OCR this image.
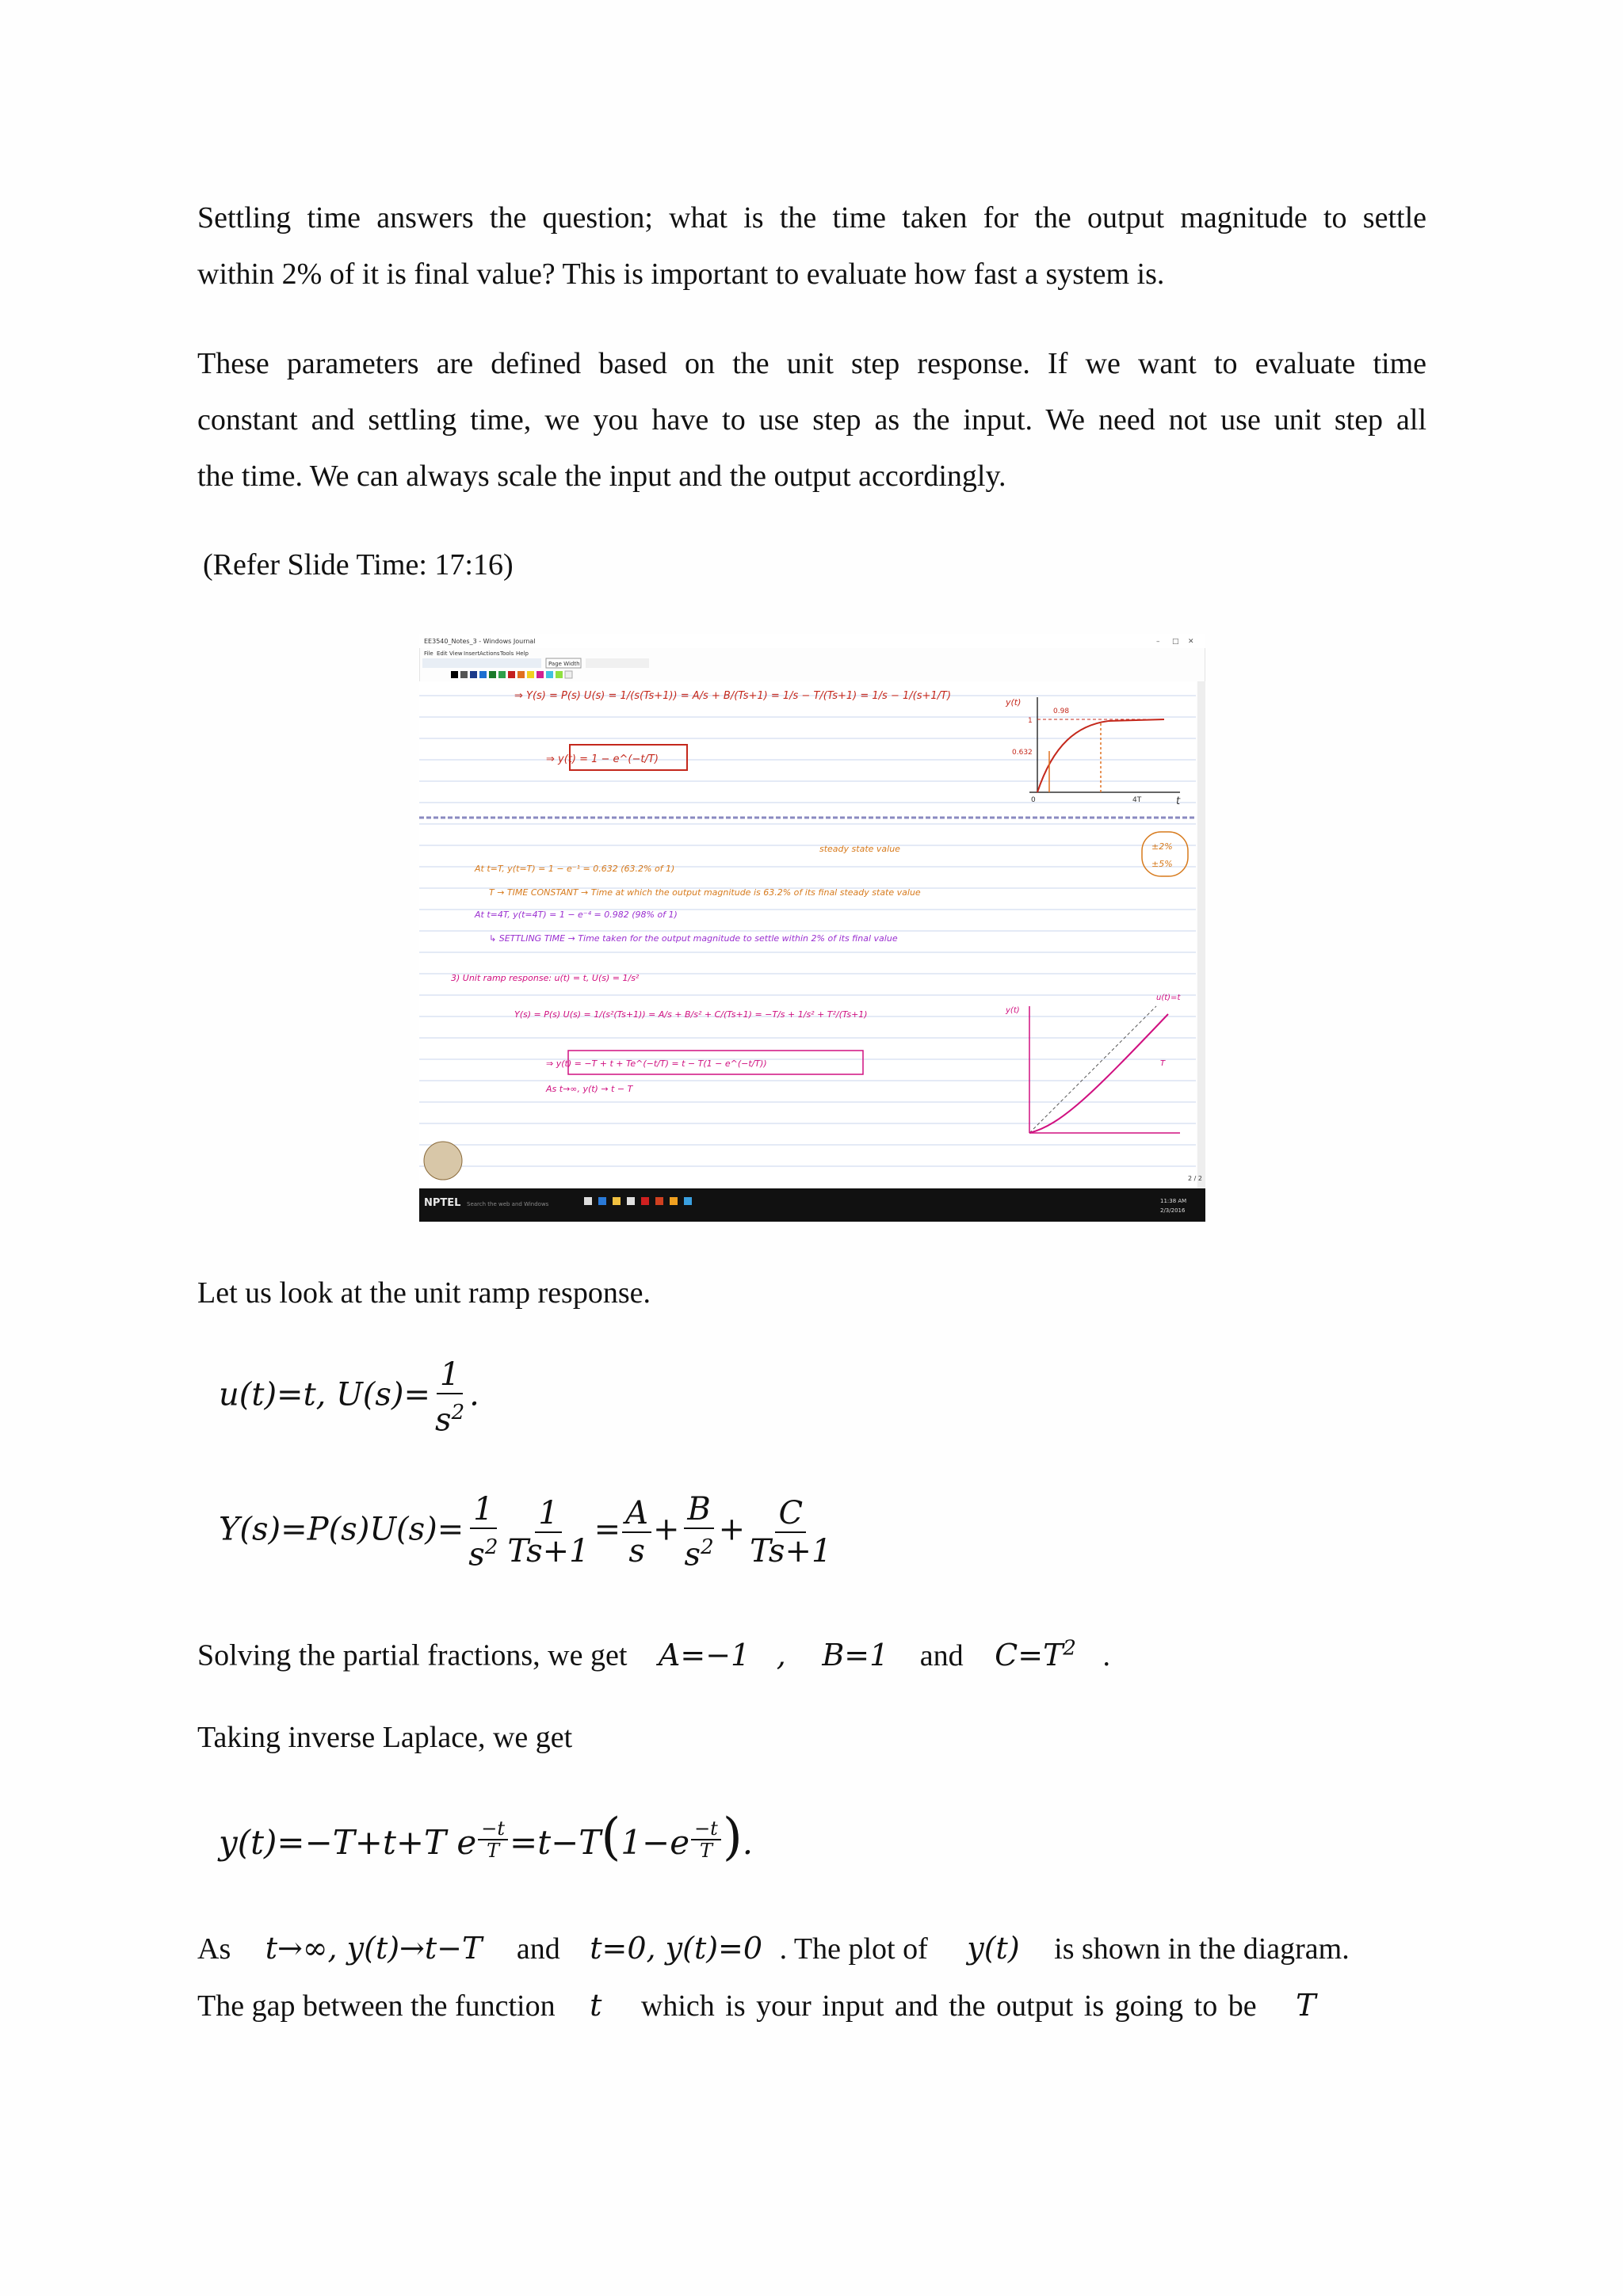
Settling time answers the question; what is the time taken for the output magnitude to settle
within 2% of it is final value? This is important to evaluate how fast a system is.
These parameters are defined based on the unit step response. If we want to evaluate time
constant and settling time, we you have to use step as the input. We need not use unit step all
the time. We can always scale the input and the output accordingly.
(Refer Slide Time: 17:16)
EE3540_Notes_3 - Windows Journal	– □ ✕
File Edit View Insert Actions Tools Help
Page Width
⇒ Y(s) = P(s) U(s) = 1/(s(Ts+1)) = A/s + B/(Ts+1) = 1/s − T/(Ts+1) = 1/s − 1/(s+1/T)
⇒ y(t) = 1 − e^(−t/T)
y(t)
t
0.98
0.632
1
0	4T
steady state value
At t=T, y(t=T) = 1 − e⁻¹ = 0.632 (63.2% of 1)
T → TIME CONSTANT → Time at which the output magnitude is 63.2% of its final steady state value
At t=4T, y(t=4T) = 1 − e⁻⁴ = 0.982 (98% of 1)
↳ SETTLING TIME → Time taken for the output magnitude to settle within 2% of its final value
±2%
±5%
3) Unit ramp response: u(t) = t, U(s) = 1/s²
Y(s) = P(s) U(s) = 1/(s²(Ts+1)) = A/s + B/s² + C/(Ts+1) = −T/s + 1/s² + T²/(Ts+1)
⇒ y(t) = −T + t + Te^(−t/T) = t − T(1 − e^(−t/T))
As t→∞, y(t) → t − T
y(t)
u(t)=t
T
2 / 2
NPTEL Search the web and Windows	11:38 AM
2/3/2016
Let us look at the unit ramp response.
u(t)=t, $U(s)= \frac{1}{s^2}$ .
$Y(s)=P(s)U(s)= \frac{1}{s^2} \frac{1}{Ts+1} = \frac{A}{s} + \frac{B}{s^2} + \frac{C}{Ts+1}$
Solving the partial fractions, we get A=−1 , B=1 and $C=T^2$ .
Taking inverse Laplace, we get
y(t)=−T+t+T e $\frac{-t}{T} =t-T(1-e \frac{-t}{T}$ ).
As t→∞, y(t)→t−T and t=0, y(t)=0 . The plot of y(t) is shown in the diagram.
The gap between the function t which is your input and the output is going to be T
